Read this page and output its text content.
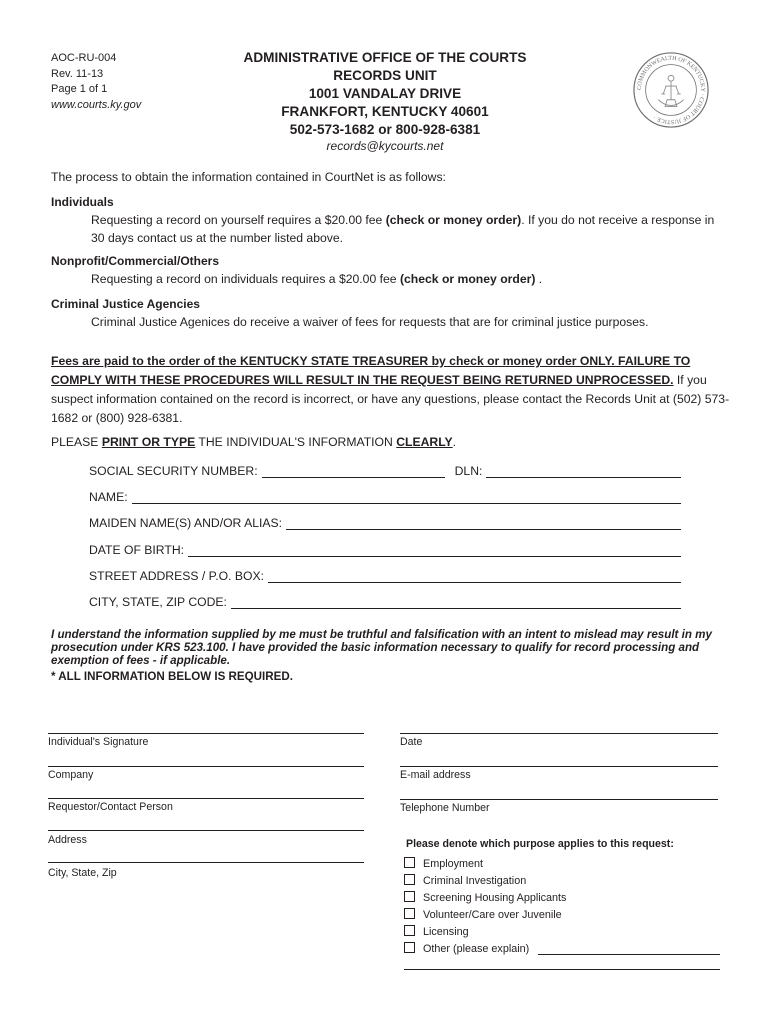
AOC-RU-004
Rev. 11-13
Page 1 of 1
www.courts.ky.gov
ADMINISTRATIVE OFFICE OF THE COURTS
RECORDS UNIT
1001 VANDALAY DRIVE
FRANKFORT, KENTUCKY 40601
502-573-1682 or 800-928-6381
records@kycourts.net
COMMONWEALTH OF KENTUCKY · COURT OF JUSTICE ·
The process to obtain the information contained in CourtNet is as follows:
Individuals
Requesting a record on yourself requires a $20.00 fee (check or money order). If you do not receive a response in 30 days contact us at the number listed above.
Nonprofit/Commercial/Others
Requesting a record on individuals requires a $20.00 fee (check or money order) .
Criminal Justice Agencies
Criminal Justice Agenices do receive a waiver of fees for requests that are for criminal justice purposes.
Fees are paid to the order of the KENTUCKY STATE TREASURER by check or money order ONLY. FAILURE TO COMPLY WITH THESE PROCEDURES WILL RESULT IN THE REQUEST BEING RETURNED UNPROCESSED. If you suspect information contained on the record is incorrect, or have any questions, please contact the Records Unit at (502) 573-1682 or (800) 928-6381.
PLEASE PRINT OR TYPE THE INDIVIDUAL'S INFORMATION CLEARLY.
SOCIAL SECURITY NUMBER:	DLN:
NAME:
MAIDEN NAME(S) AND/OR ALIAS:
DATE OF BIRTH:
STREET ADDRESS / P.O. BOX:
CITY, STATE, ZIP CODE:
I understand the information supplied by me must be truthful and falsification with an intent to mislead may result in my prosecution under KRS 523.100. I have provided the basic information necessary to qualify for record processing and exemption of fees - if applicable.
* ALL INFORMATION BELOW IS REQUIRED.
Individual's Signature
Company
Requestor/Contact Person
Address
City, State, Zip
Date
E-mail address
Telephone Number
Please denote which purpose applies to this request:
Employment
Criminal Investigation
Screening Housing Applicants
Volunteer/Care over Juvenile
Licensing
Other (please explain)
